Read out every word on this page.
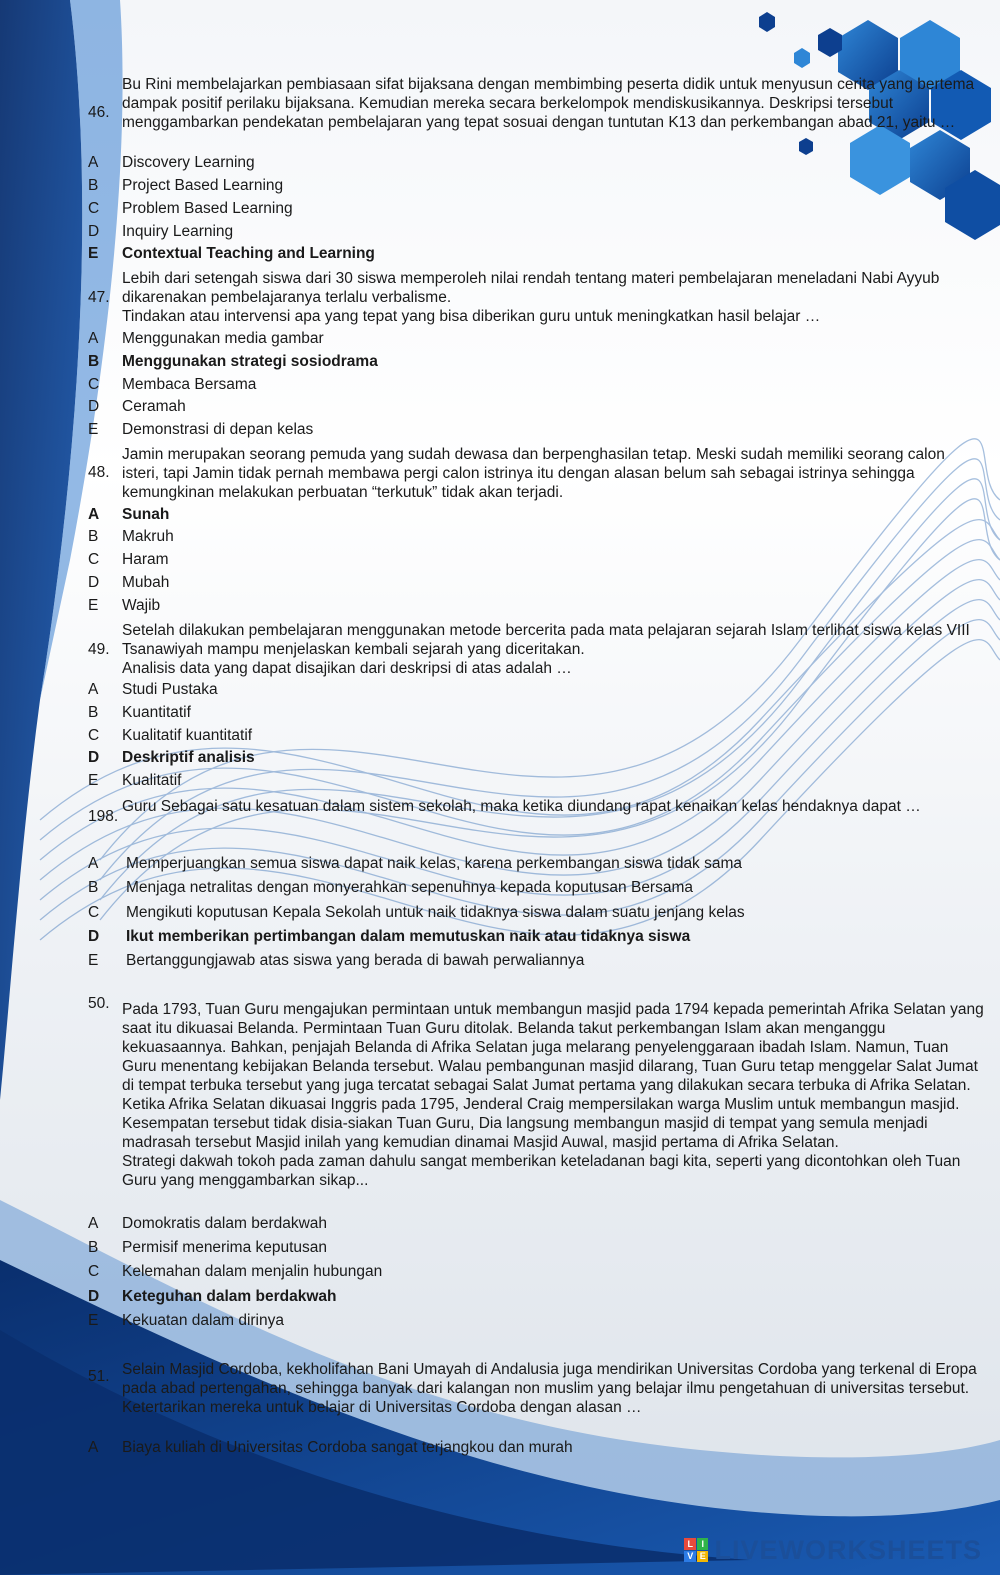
46.
Bu Rini membelajarkan pembiasaan sifat bijaksana dengan membimbing peserta didik untuk menyusun cerita yang bertema dampak positif perilaku bijaksana. Kemudian mereka secara berkelompok mendiskusikannya. Deskripsi tersebut menggambarkan pendekatan pembelajaran yang tepat sosuai dengan tuntutan K13 dan perkembangan abad 21, yaitu …
A	Discovery Learning
B	Project Based Learning
C	Problem Based Learning
D	Inquiry Learning
E	Contextual Teaching and Learning
47.
Lebih dari setengah siswa dari 30 siswa memperoleh nilai rendah tentang materi pembelajaran meneladani Nabi Ayyub dikarenakan pembelajaranya terlalu verbalisme.
Tindakan atau intervensi apa yang tepat yang bisa diberikan guru untuk meningkatkan hasil belajar …
A	Menggunakan media gambar
B	Menggunakan strategi sosiodrama
C	Membaca Bersama
D	Ceramah
E	Demonstrasi di depan kelas
48.
Jamin merupakan seorang pemuda yang sudah dewasa dan berpenghasilan tetap. Meski sudah memiliki seorang calon isteri, tapi Jamin tidak pernah membawa pergi calon istrinya itu dengan alasan belum sah sebagai istrinya sehingga kemungkinan melakukan perbuatan “terkutuk” tidak akan terjadi.
A	Sunah
B	Makruh
C	Haram
D	Mubah
E	Wajib
49.
Setelah dilakukan pembelajaran menggunakan metode bercerita pada mata pelajaran sejarah Islam terlihat siswa kelas VIII Tsanawiyah mampu menjelaskan kembali sejarah yang diceritakan.
Analisis data yang dapat disajikan dari deskripsi di atas adalah …
A	Studi Pustaka
B	Kuantitatif
C	Kualitatif kuantitatif
D	Deskriptif analisis
E	Kualitatif
198.
Guru Sebagai satu kesatuan dalam sistem sekolah, maka ketika diundang rapat kenaikan kelas hendaknya dapat …
A	Memperjuangkan semua siswa dapat naik kelas, karena perkembangan siswa tidak sama
B	Menjaga netralitas dengan monyerahkan sepenuhnya kepada koputusan Bersama
C	Mengikuti koputusan Kepala Sekolah untuk naik tidaknya siswa dalam suatu jenjang kelas
D	Ikut memberikan pertimbangan dalam memutuskan naik atau tidaknya siswa
E	Bertanggungjawab atas siswa yang berada di bawah perwaliannya
50. Pada 1793, Tuan Guru mengajukan permintaan untuk membangun masjid pada 1794 kepada pemerintah Afrika Selatan yang saat itu dikuasai Belanda. Permintaan Tuan Guru ditolak. Belanda takut perkembangan Islam akan menganggu kekuasaannya. Bahkan, penjajah Belanda di Afrika Selatan juga melarang penyelenggaraan ibadah Islam. Namun, Tuan Guru menentang kebijakan Belanda tersebut. Walau pembangunan masjid dilarang, Tuan Guru tetap menggelar Salat Jumat di tempat terbuka tersebut yang juga tercatat sebagai Salat Jumat pertama yang dilakukan secara terbuka di Afrika Selatan. Ketika Afrika Selatan dikuasai Inggris pada 1795, Jenderal Craig mempersilakan warga Muslim untuk membangun masjid. Kesempatan tersebut tidak disia-siakan Tuan Guru, Dia langsung membangun masjid di tempat yang semula menjadi madrasah tersebut Masjid inilah yang kemudian dinamai Masjid Auwal, masjid pertama di Afrika Selatan.
Strategi dakwah tokoh pada zaman dahulu sangat memberikan keteladanan bagi kita, seperti yang dicontohkan oleh Tuan Guru yang menggambarkan sikap...
A	Domokratis dalam berdakwah
B	Permisif menerima keputusan
C	Kelemahan dalam menjalin hubungan
D	Keteguhan dalam berdakwah
E	Kekuatan dalam dirinya
51. Selain Masjid Cordoba, kekholifahan Bani Umayah di Andalusia juga mendirikan Universitas Cordoba yang terkenal di Eropa pada abad pertengahan, sehingga banyak dari kalangan non muslim yang belajar ilmu pengetahuan di universitas tersebut.
Ketertarikan mereka untuk belajar di Universitas Cordoba dengan alasan …
A	Biaya kuliah di Universitas Cordoba sangat terjangkou dan murah
L I
V E LIVEWORKSHEETS
